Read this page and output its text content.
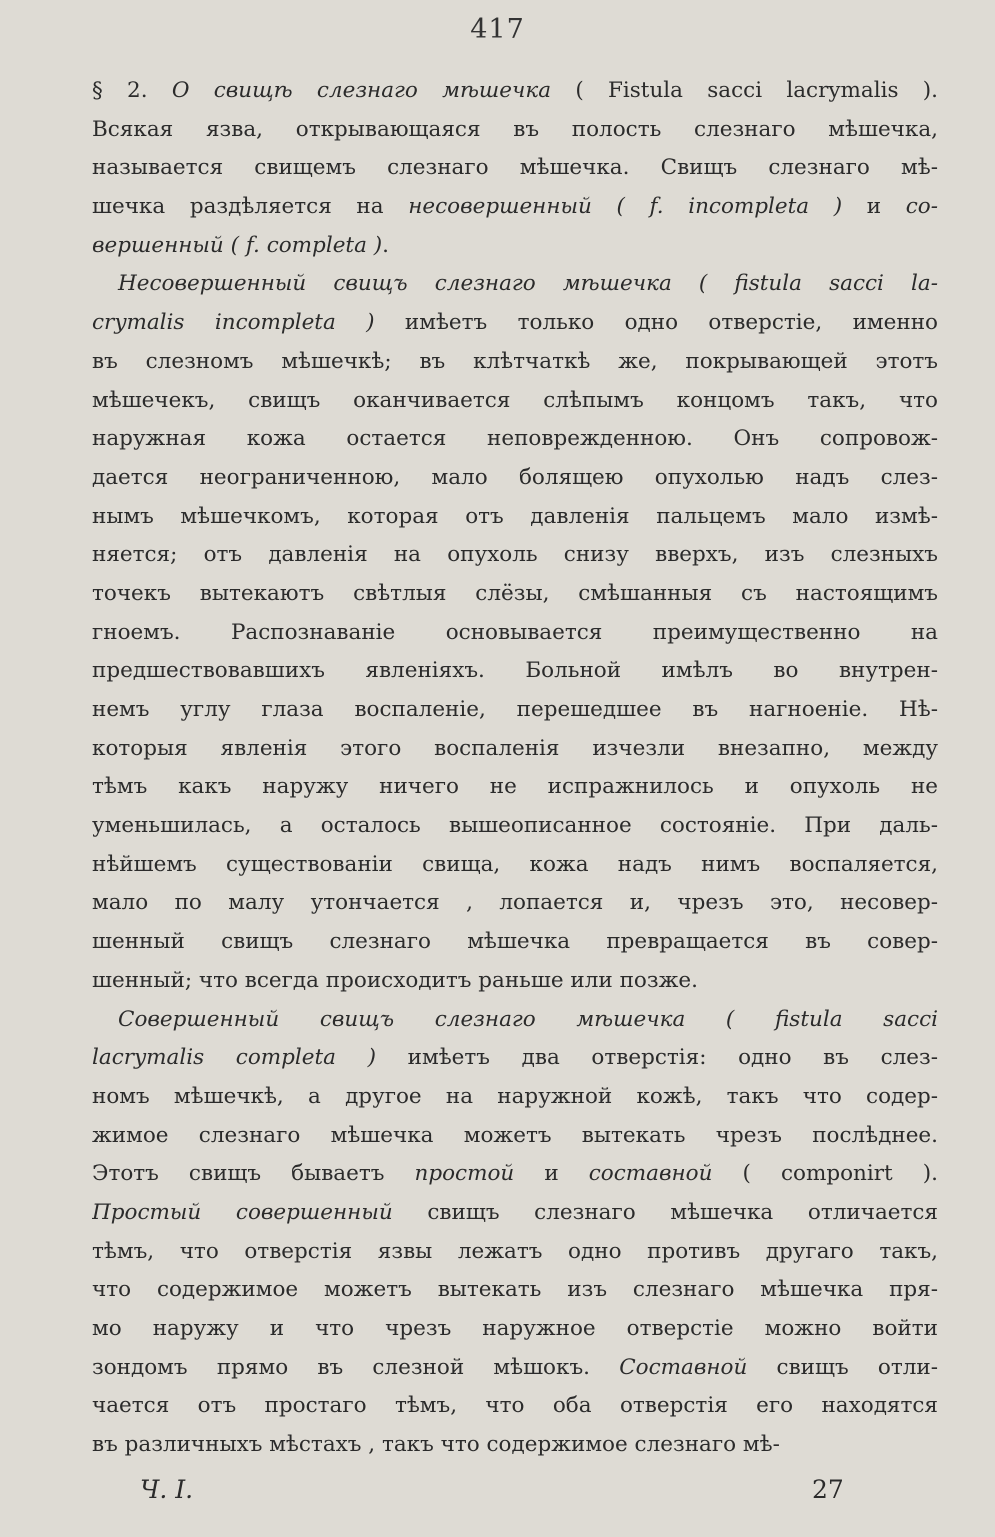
417
§ 2. О свищѣ слезнаго мѣшечка ( Fistula sacci lacrymalis ).
Всякая язва, открывающаяся въ полость слезнаго мѣшечка,
называется свищемъ слезнаго мѣшечка. Свищъ слезнаго мѣ-
шечка раздѣляется на несовершенный ( f. incompleta ) и со-
вершенный ( f. completa ).
Несовершенный свищъ слезнаго мѣшечка ( fistula sacci la-
crymalis incompleta ) имѣетъ только одно отверстіе, именно
въ слезномъ мѣшечкѣ; въ клѣтчаткѣ же, покрывающей этотъ
мѣшечекъ, свищъ оканчивается слѣпымъ концомъ такъ, что
наружная кожа остается неповрежденною. Онъ сопровож-
дается неограниченною, мало болящею опухолью надъ слез-
нымъ мѣшечкомъ, которая отъ давленія пальцемъ мало измѣ-
няется; отъ давленія на опухоль снизу вверхъ, изъ слезныхъ
точекъ вытекаютъ свѣтлыя слёзы, смѣшанныя съ настоящимъ
гноемъ. Распознаваніе основывается преимущественно на
предшествовавшихъ явленіяхъ. Больной имѣлъ во внутрен-
немъ углу глаза воспаленіе, перешедшее въ нагноеніе. Нѣ-
которыя явленія этого воспаленія изчезли внезапно, между
тѣмъ какъ наружу ничего не испражнилось и опухоль не
уменьшилась, а осталось вышеописанное состояніе. При даль-
нѣйшемъ существованіи свища, кожа надъ нимъ воспаляется,
мало по малу утончается , лопается и, чрезъ это, несовер-
шенный свищъ слезнаго мѣшечка превращается въ совер-
шенный; что всегда происходитъ раньше или позже.
Совершенный свищъ слезнаго мѣшечка ( fistula sacci
lacrymalis completa ) имѣетъ два отверстія: одно въ слез-
номъ мѣшечкѣ, а другое на наружной кожѣ, такъ что содер-
жимое слезнаго мѣшечка можетъ вытекать чрезъ послѣднее.
Этотъ свищъ бываетъ простой и составной ( componirt ).
Простый совершенный свищъ слезнаго мѣшечка отличается
тѣмъ, что отверстія язвы лежатъ одно противъ другаго такъ,
что содержимое можетъ вытекать изъ слезнаго мѣшечка пря-
мо наружу и что чрезъ наружное отверстіе можно войти
зондомъ прямо въ слезной мѣшокъ. Составной свищъ отли-
чается отъ простаго тѣмъ, что оба отверстія его находятся
въ различныхъ мѣстахъ , такъ что содержимое слезнаго мѣ-
Ч. I.	27
